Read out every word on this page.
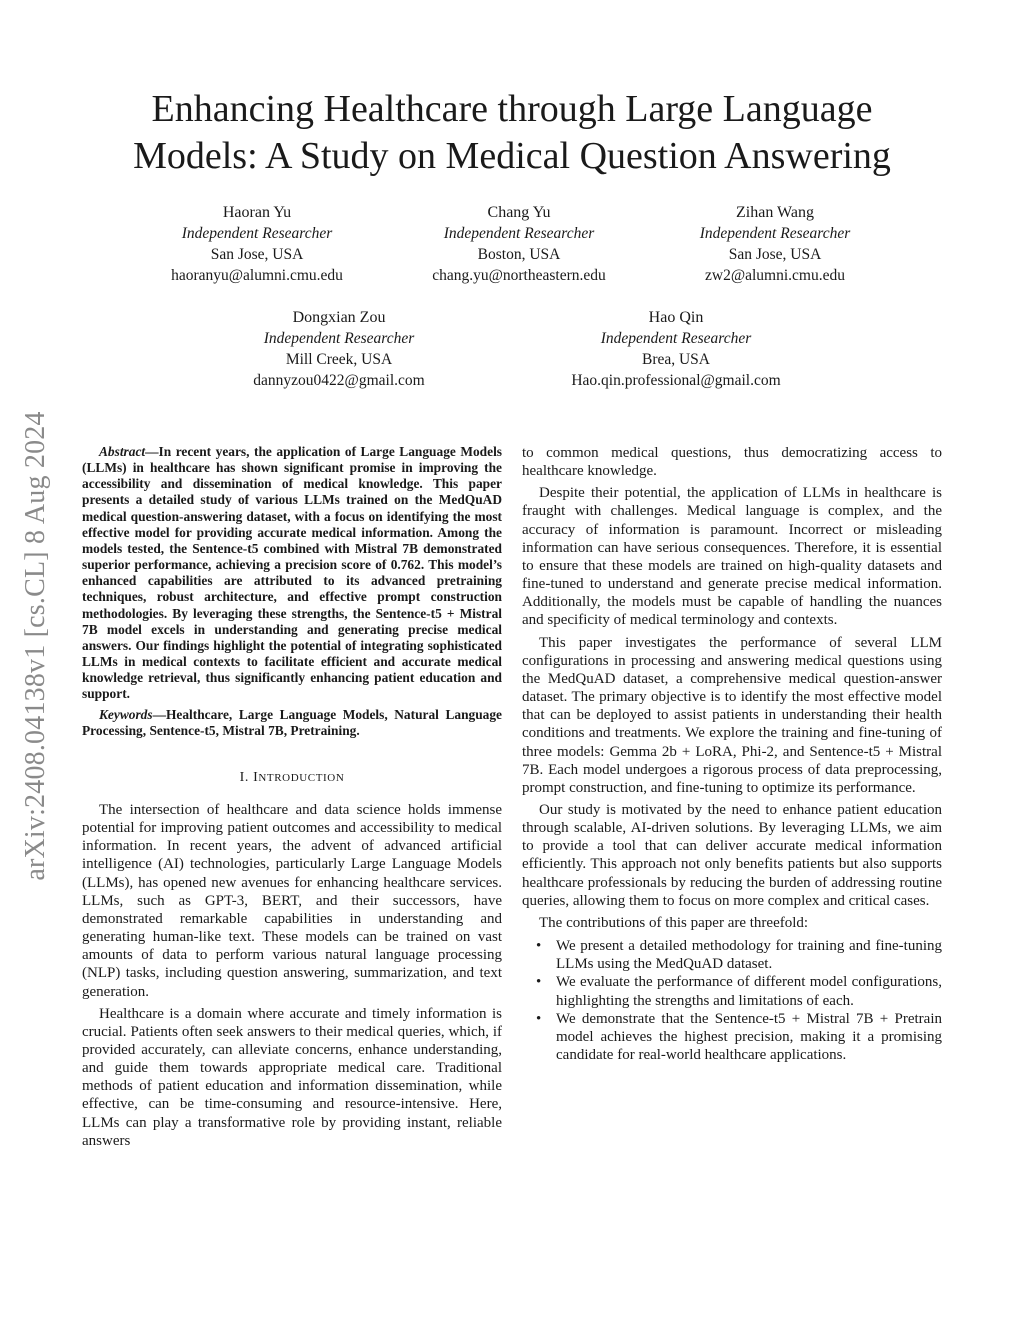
arXiv:2408.04138v1 [cs.CL] 8 Aug 2024
Enhancing Healthcare through Large Language
Models: A Study on Medical Question Answering
Haoran Yu
Independent Researcher
San Jose, USA
haoranyu@alumni.cmu.edu
Chang Yu
Independent Researcher
Boston, USA
chang.yu@northeastern.edu
Zihan Wang
Independent Researcher
San Jose, USA
zw2@alumni.cmu.edu
Dongxian Zou
Independent Researcher
Mill Creek, USA
dannyzou0422@gmail.com
Hao Qin
Independent Researcher
Brea, USA
Hao.qin.professional@gmail.com

Abstract—In recent years, the application of Large Language Models (LLMs) in healthcare has shown significant promise in improving the accessibility and dissemination of medical knowledge. This paper presents a detailed study of various LLMs trained on the MedQuAD medical question-answering dataset, with a focus on identifying the most effective model for providing accurate medical information. Among the models tested, the Sentence-t5 combined with Mistral 7B demonstrated superior performance, achieving a precision score of 0.762. This model’s enhanced capabilities are attributed to its advanced pretraining techniques, robust architecture, and effective prompt construction methodologies. By leveraging these strengths, the Sentence-t5 + Mistral 7B model excels in understanding and generating precise medical answers. Our findings highlight the potential of integrating sophisticated LLMs in medical contexts to facilitate efficient and accurate medical knowledge retrieval, thus significantly enhancing patient education and support.

Keywords—Healthcare, Large Language Models, Natural Language Processing, Sentence-t5, Mistral 7B, Pretraining.

I. INTRODUCTION

The intersection of healthcare and data science holds immense potential for improving patient outcomes and accessibility to medical information. In recent years, the advent of advanced artificial intelligence (AI) technologies, particularly Large Language Models (LLMs), has opened new avenues for enhancing healthcare services. LLMs, such as GPT-3, BERT, and their successors, have demonstrated remarkable capabilities in understanding and generating human-like text. These models can be trained on vast amounts of data to perform various natural language processing (NLP) tasks, including question answering, summarization, and text generation.

Healthcare is a domain where accurate and timely information is crucial. Patients often seek answers to their medical queries, which, if provided accurately, can alleviate concerns, enhance understanding, and guide them towards appropriate medical care. Traditional methods of patient education and information dissemination, while effective, can be time-consuming and resource-intensive. Here, LLMs can play a transformative role by providing instant, reliable answers

to common medical questions, thus democratizing access to healthcare knowledge.

Despite their potential, the application of LLMs in healthcare is fraught with challenges. Medical language is complex, and the accuracy of information is paramount. Incorrect or misleading information can have serious consequences. Therefore, it is essential to ensure that these models are trained on high-quality datasets and fine-tuned to understand and generate precise medical information. Additionally, the models must be capable of handling the nuances and specificity of medical terminology and contexts.

This paper investigates the performance of several LLM configurations in processing and answering medical questions using the MedQuAD dataset, a comprehensive medical question-answer dataset. The primary objective is to identify the most effective model that can be deployed to assist patients in understanding their health conditions and treatments. We explore the training and fine-tuning of three models: Gemma 2b + LoRA, Phi-2, and Sentence-t5 + Mistral 7B. Each model undergoes a rigorous process of data preprocessing, prompt construction, and fine-tuning to optimize its performance.

Our study is motivated by the need to enhance patient education through scalable, AI-driven solutions. By leveraging LLMs, we aim to provide a tool that can deliver accurate medical information efficiently. This approach not only benefits patients but also supports healthcare professionals by reducing the burden of addressing routine queries, allowing them to focus on more complex and critical cases.

The contributions of this paper are threefold:

• We present a detailed methodology for training and fine-tuning LLMs using the MedQuAD dataset.
• We evaluate the performance of different model configurations, highlighting the strengths and limitations of each.
• We demonstrate that the Sentence-t5 + Mistral 7B + Pretrain model achieves the highest precision, making it a promising candidate for real-world healthcare applications.
